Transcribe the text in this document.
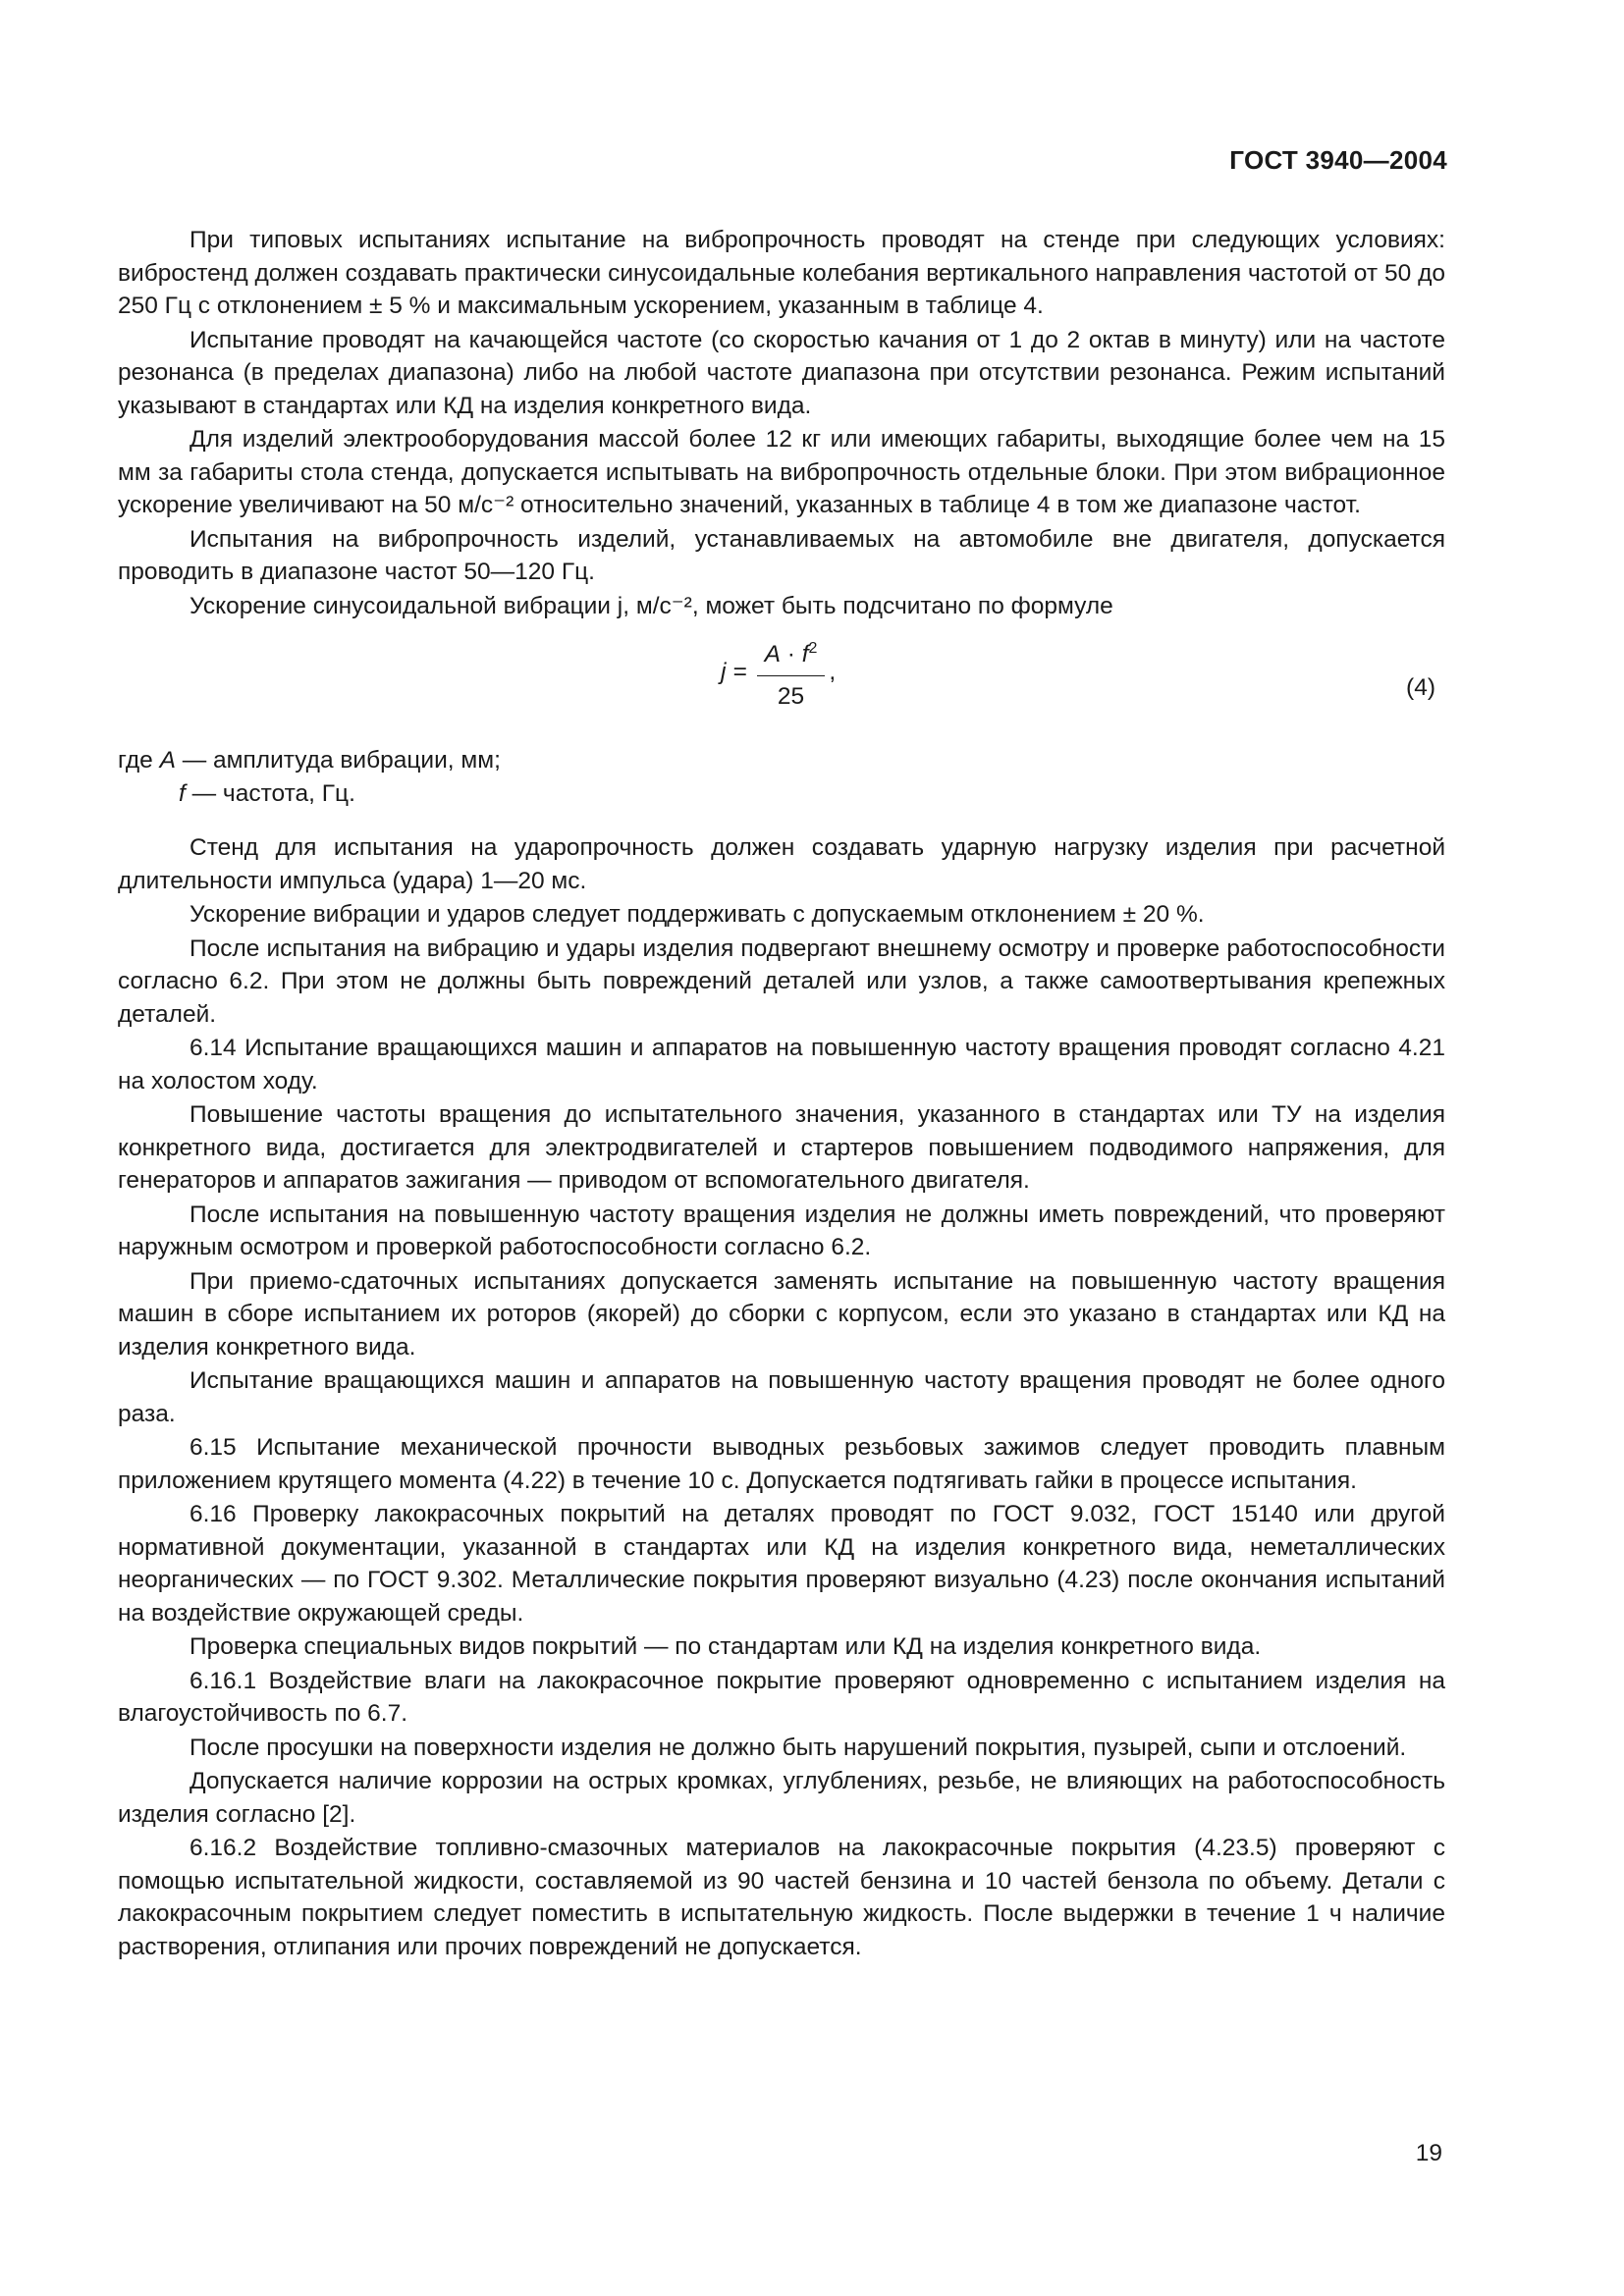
ГОСТ 3940—2004

При типовых испытаниях испытание на вибропрочность проводят на стенде при следующих условиях: вибростенд должен создавать практически синусоидальные колебания вертикального направления частотой от 50 до 250 Гц с отклонением ± 5 % и максимальным ускорением, указанным в таблице 4.

Испытание проводят на качающейся частоте (со скоростью качания от 1 до 2 октав в минуту) или на частоте резонанса (в пределах диапазона) либо на любой частоте диапазона при отсутствии резонанса. Режим испытаний указывают в стандартах или КД на изделия конкретного вида.

Для изделий электрооборудования массой более 12 кг или имеющих габариты, выходящие более чем на 15 мм за габариты стола стенда, допускается испытывать на вибропрочность отдельные блоки. При этом вибрационное ускорение увеличивают на 50 м/с⁻² относительно значений, указанных в таблице 4 в том же диапазоне частот.

Испытания на вибропрочность изделий, устанавливаемых на автомобиле вне двигателя, допускается проводить в диапазоне частот 50—120 Гц.

Ускорение синусоидальной вибрации j, м/с⁻², может быть подсчитано по формуле

$j = \frac{A \cdot f^2}{25}$ ,
(4)

где A — амплитуда вибрации, мм;

f — частота, Гц.

Стенд для испытания на ударопрочность должен создавать ударную нагрузку изделия при расчетной длительности импульса (удара) 1—20 мс.

Ускорение вибрации и ударов следует поддерживать с допускаемым отклонением ± 20 %.

После испытания на вибрацию и удары изделия подвергают внешнему осмотру и проверке работоспособности согласно 6.2. При этом не должны быть повреждений деталей или узлов, а также самоотвертывания крепежных деталей.

6.14 Испытание вращающихся машин и аппаратов на повышенную частоту вращения проводят согласно 4.21 на холостом ходу.

Повышение частоты вращения до испытательного значения, указанного в стандартах или ТУ на изделия конкретного вида, достигается для электродвигателей и стартеров повышением подводимого напряжения, для генераторов и аппаратов зажигания — приводом от вспомогательного двигателя.

После испытания на повышенную частоту вращения изделия не должны иметь повреждений, что проверяют наружным осмотром и проверкой работоспособности согласно 6.2.

При приемо-сдаточных испытаниях допускается заменять испытание на повышенную частоту вращения машин в сборе испытанием их роторов (якорей) до сборки с корпусом, если это указано в стандартах или КД на изделия конкретного вида.

Испытание вращающихся машин и аппаратов на повышенную частоту вращения проводят не более одного раза.

6.15 Испытание механической прочности выводных резьбовых зажимов следует проводить плавным приложением крутящего момента (4.22) в течение 10 с. Допускается подтягивать гайки в процессе испытания.

6.16 Проверку лакокрасочных покрытий на деталях проводят по ГОСТ 9.032, ГОСТ 15140 или другой нормативной документации, указанной в стандартах или КД на изделия конкретного вида, неметаллических неорганических — по ГОСТ 9.302. Металлические покрытия проверяют визуально (4.23) после окончания испытаний на воздействие окружающей среды.

Проверка специальных видов покрытий — по стандартам или КД на изделия конкретного вида.

6.16.1 Воздействие влаги на лакокрасочное покрытие проверяют одновременно с испытанием изделия на влагоустойчивость по 6.7.

После просушки на поверхности изделия не должно быть нарушений покрытия, пузырей, сыпи и отслоений.

Допускается наличие коррозии на острых кромках, углублениях, резьбе, не влияющих на работоспособность изделия согласно [2].

6.16.2 Воздействие топливно-смазочных материалов на лакокрасочные покрытия (4.23.5) проверяют с помощью испытательной жидкости, составляемой из 90 частей бензина и 10 частей бензола по объему. Детали с лакокрасочным покрытием следует поместить в испытательную жидкость. После выдержки в течение 1 ч наличие растворения, отлипания или прочих повреждений не допускается.

19
